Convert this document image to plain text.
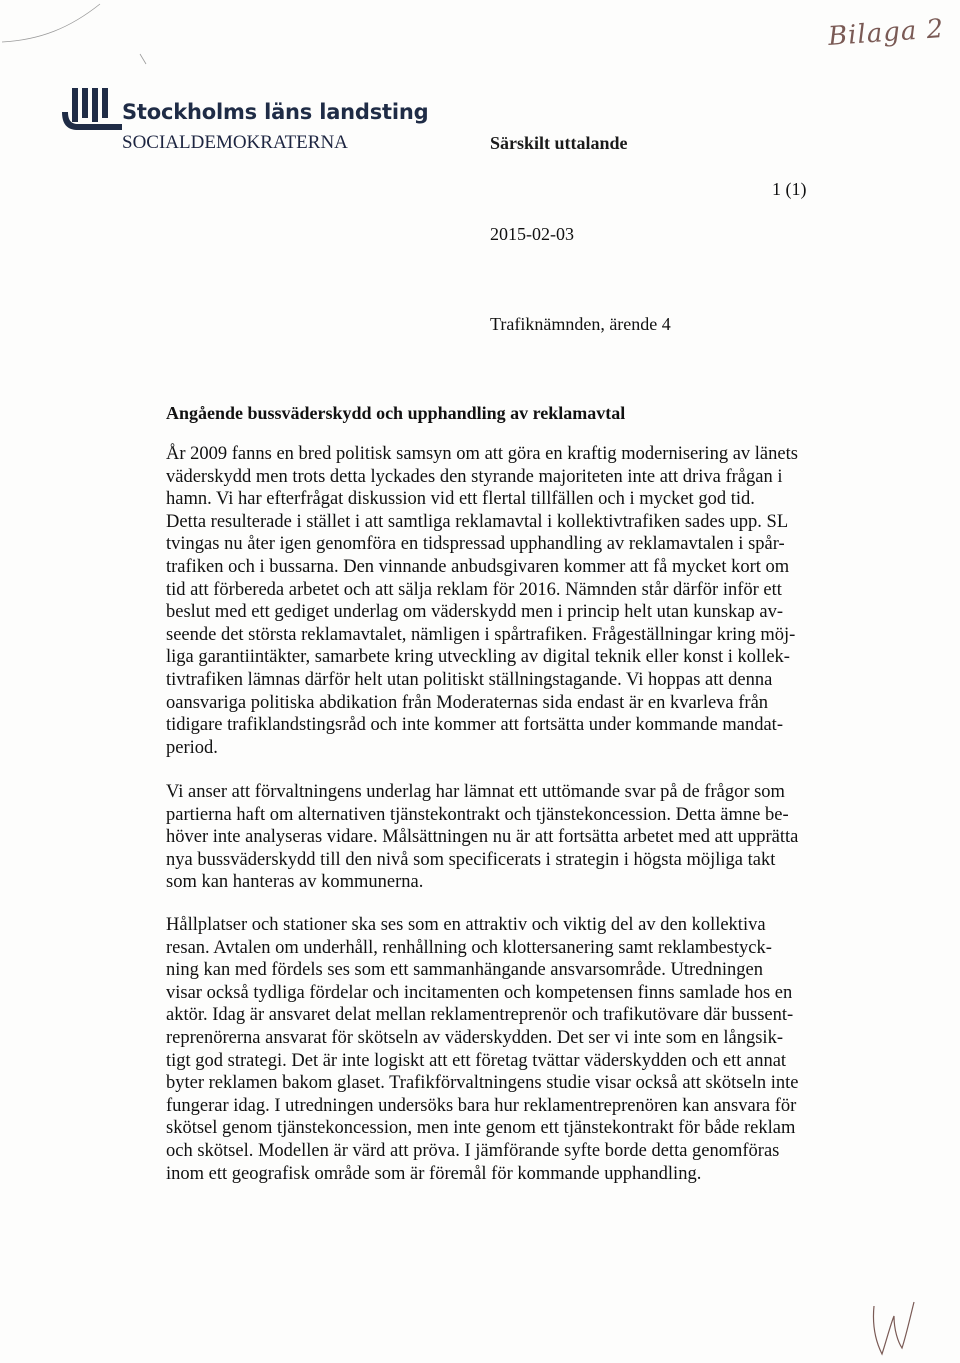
Bilaga 2
Stockholms läns landsting
SOCIALDEMOKRATERNA	Särskilt uttalande
1 (1)
2015-02-03
Trafiknämnden, ärende 4
Angående bussväderskydd och upphandling av reklamavtal
År 2009 fanns en bred politisk samsyn om att göra en kraftig modernisering av länets
väderskydd men trots detta lyckades den styrande majoriteten inte att driva frågan i
hamn. Vi har efterfrågat diskussion vid ett flertal tillfällen och i mycket god tid.
Detta resulterade i stället i att samtliga reklamavtal i kollektivtrafiken sades upp. SL
tvingas nu åter igen genomföra en tidspressad upphandling av reklamavtalen i spår-
trafiken och i bussarna. Den vinnande anbudsgivaren kommer att få mycket kort om
tid att förbereda arbetet och att sälja reklam för 2016. Nämnden står därför inför ett
beslut med ett gediget underlag om väderskydd men i princip helt utan kunskap av-
seende det största reklamavtalet, nämligen i spårtrafiken. Frågeställningar kring möj-
liga garantiintäkter, samarbete kring utveckling av digital teknik eller konst i kollek-
tivtrafiken lämnas därför helt utan politiskt ställningstagande. Vi hoppas att denna
oansvariga politiska abdikation från Moderaternas sida endast är en kvarleva från
tidigare trafiklandstingsråd och inte kommer att fortsätta under kommande mandat-
period.
Vi anser att förvaltningens underlag har lämnat ett uttömande svar på de frågor som
partierna haft om alternativen tjänstekontrakt och tjänstekoncession. Detta ämne be-
höver inte analyseras vidare. Målsättningen nu är att fortsätta arbetet med att upprätta
nya bussväderskydd till den nivå som specificerats i strategin i högsta möjliga takt
som kan hanteras av kommunerna.
Hållplatser och stationer ska ses som en attraktiv och viktig del av den kollektiva
resan. Avtalen om underhåll, renhållning och klottersanering samt reklambestyck-
ning kan med fördels ses som ett sammanhängande ansvarsområde. Utredningen
visar också tydliga fördelar och incitamenten och kompetensen finns samlade hos en
aktör. Idag är ansvaret delat mellan reklamentreprenör och trafikutövare där bussent-
reprenörerna ansvarat för skötseln av väderskydden. Det ser vi inte som en långsik-
tigt god strategi. Det är inte logiskt att ett företag tvättar väderskydden och ett annat
byter reklamen bakom glaset. Trafikförvaltningens studie visar också att skötseln inte
fungerar idag. I utredningen undersöks bara hur reklamentreprenören kan ansvara för
skötsel genom tjänstekoncession, men inte genom ett tjänstekontrakt för både reklam
och skötsel. Modellen är värd att pröva. I jämförande syfte borde detta genomföras
inom ett geografisk område som är föremål för kommande upphandling.
